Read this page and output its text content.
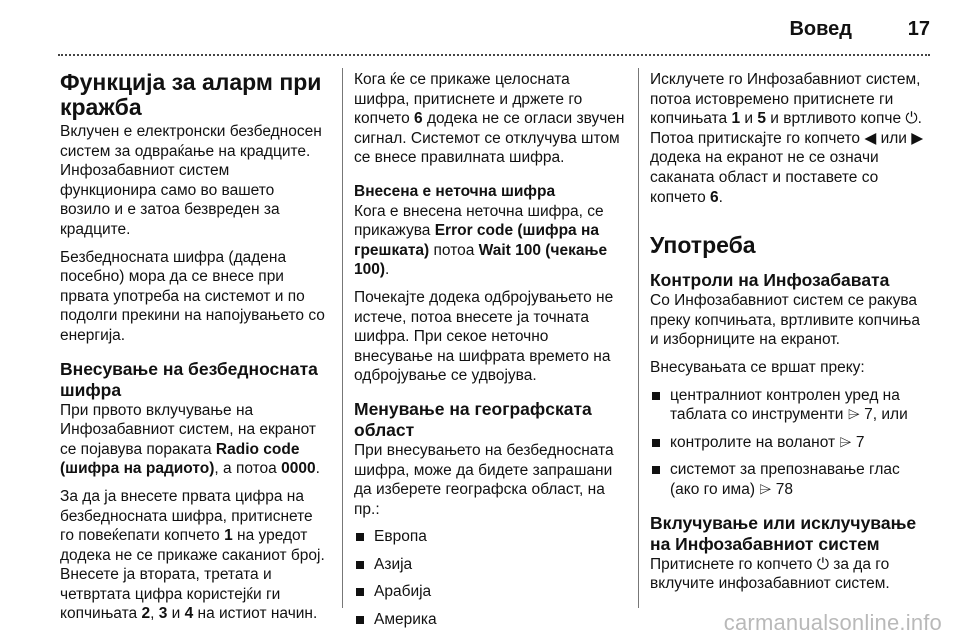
Вовед	17
Функција за аларм при кражба

Вклучен е електронски безбедносен систем за одвраќање на крадците. Инфозабавниот систем функционира само во вашето возило и е затоа безвреден за крадците.

Безбедносната шифра (дадена посебно) мора да се внесе при првата употреба на системот и по подолги прекини на напојувањето со енергија.

Внесување на безбедносната шифра

При првото вклучување на Инфозабавниот систем, на екранот се појавува пораката Radio code (шифра на радиото), а потоа 0000.

За да ја внесете првата цифра на безбедносната шифра, притиснете го повеќепати копчето 1 на уредот додека не се прикаже саканиот број. Внесете ја втората, третата и четвртата цифра користејќи ги копчињата 2, 3 и 4 на истиот начин.

Кога ќе се прикаже целосната шифра, притиснете и држете го копчето 6 додека не се огласи звучен сигнал. Системот се отклучува штом се внесе правилната шифра.

Внесена е неточна шифра

Кога е внесена неточна шифра, се прикажува Error code (шифра на грешката) потоа Wait 100 (чекање 100).

Почекајте додека одбројувањето не истече, потоа внесете ја точната шифра. При секое неточно внесување на шифрата времето на одбројување се удвојува.

Менување на географската област

При внесувањето на безбедносната шифра, може да бидете запрашани да изберете географска област, на пр.:

Европа
Азија
Арабија
Америка

Исклучете го Инфозабавниот систем, потоа истовремено притиснете ги копчињата 1 и 5 и вртливото копче ⏻. Потоа притискајте го копчето ◀ или ▶ додека на екранот не се означи саканата област и поставете со копчето 6.

Употреба
Контроли на Инфозабавата

Со Инфозабавниот систем се ракува преку копчињата, вртливите копчиња и изборниците на екранот.

Внесувањата се вршат преку:

централниот контролен уред на таблата со инструменти ⌲ 7, или
контролите на воланот ⌲ 7
системот за препознавање глас (ако го има) ⌲ 78
Вклучување или исклучување на Инфозабавниот систем

Притиснете го копчето ⏻ за да го вклучите инфозабавниот систем.

carmanualsonline.info
